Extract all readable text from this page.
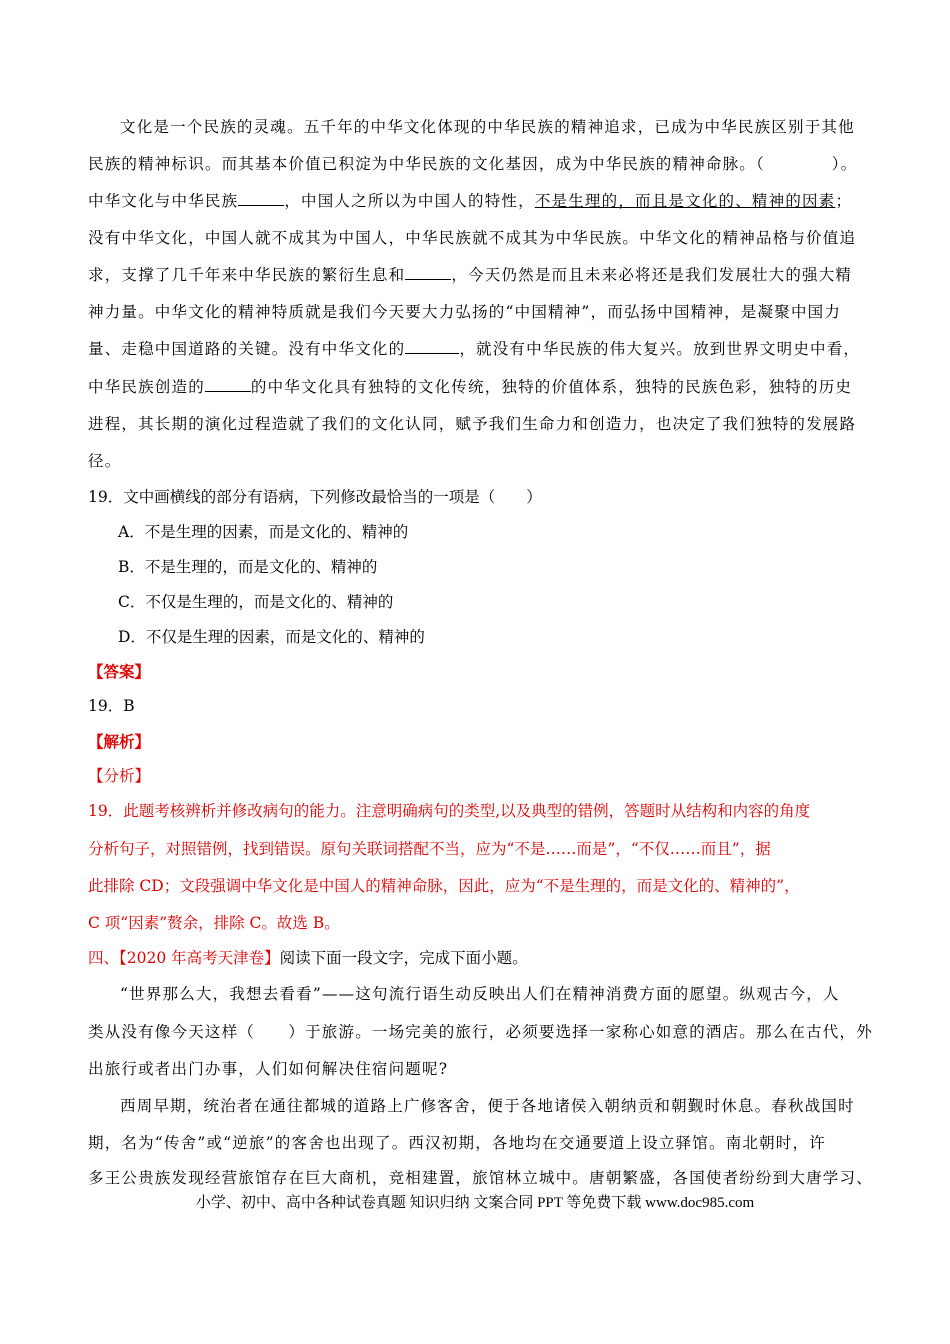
文化是一个民族的灵魂。五千年的中华文化体现的中华民族的精神追求，已成为中华民族区别于其他
民族的精神标识。而其基本价值已积淀为中华民族的文化基因，成为中华民族的精神命脉。（　　　　）。
中华文化与中华民族	，中国人之所以为中国人的特性，不是生理的，而且是文化的、精神的因素；
没有中华文化，中国人就不成其为中国人，中华民族就不成其为中华民族。中华文化的精神品格与价值追
求，支撑了几千年来中华民族的繁衍生息和	，今天仍然是而且未来必将还是我们发展壮大的强大精
神力量。中华文化的精神特质就是我们今天要大力弘扬的“中国精神”，而弘扬中国精神，是凝聚中国力
量、走稳中国道路的关键。没有中华文化的	，就没有中华民族的伟大复兴。放到世界文明史中看，
中华民族创造的	的中华文化具有独特的文化传统，独特的价值体系，独特的民族色彩，独特的历史
进程，其长期的演化过程造就了我们的文化认同，赋予我们生命力和创造力，也决定了我们独特的发展路
径。
19．文中画横线的部分有语病，下列修改最恰当的一项是（　　）
A．不是生理的因素，而是文化的、精神的
B．不是生理的，而是文化的、精神的
C．不仅是生理的，而是文化的、精神的
D．不仅是生理的因素，而是文化的、精神的
【答案】
19．B
【解析】
【分析】
19．此题考核辨析并修改病句的能力。注意明确病句的类型,以及典型的错例，答题时从结构和内容的角度
分析句子，对照错例，找到错误。原句关联词搭配不当，应为“不是……而是”，“不仅……而且”，据
此排除 CD；文段强调中华文化是中国人的精神命脉，因此，应为“不是生理的，而是文化的、精神的”，
C 项“因素”赘余，排除 C。故选 B。
四、【2020 年高考天津卷】阅读下面一段文字，完成下面小题。
“世界那么大，我想去看看”——这句流行语生动反映出人们在精神消费方面的愿望。纵观古今，人
类从没有像今天这样（　　）于旅游。一场完美的旅行，必须要选择一家称心如意的酒店。那么在古代，外
出旅行或者出门办事，人们如何解决住宿问题呢?
西周早期，统治者在通往都城的道路上广修客舍，便于各地诸侯入朝纳贡和朝觐时休息。春秋战国时
期，名为“传舍”或“逆旅”的客舍也出现了。西汉初期，各地均在交通要道上设立驿馆。南北朝时，许
多王公贵族发现经营旅馆存在巨大商机，竞相建置，旅馆林立城中。唐朝繁盛，各国使者纷纷到大唐学习、
小学、初中、高中各种试卷真题 知识归纳 文案合同 PPT 等免费下载 www.doc985.com
